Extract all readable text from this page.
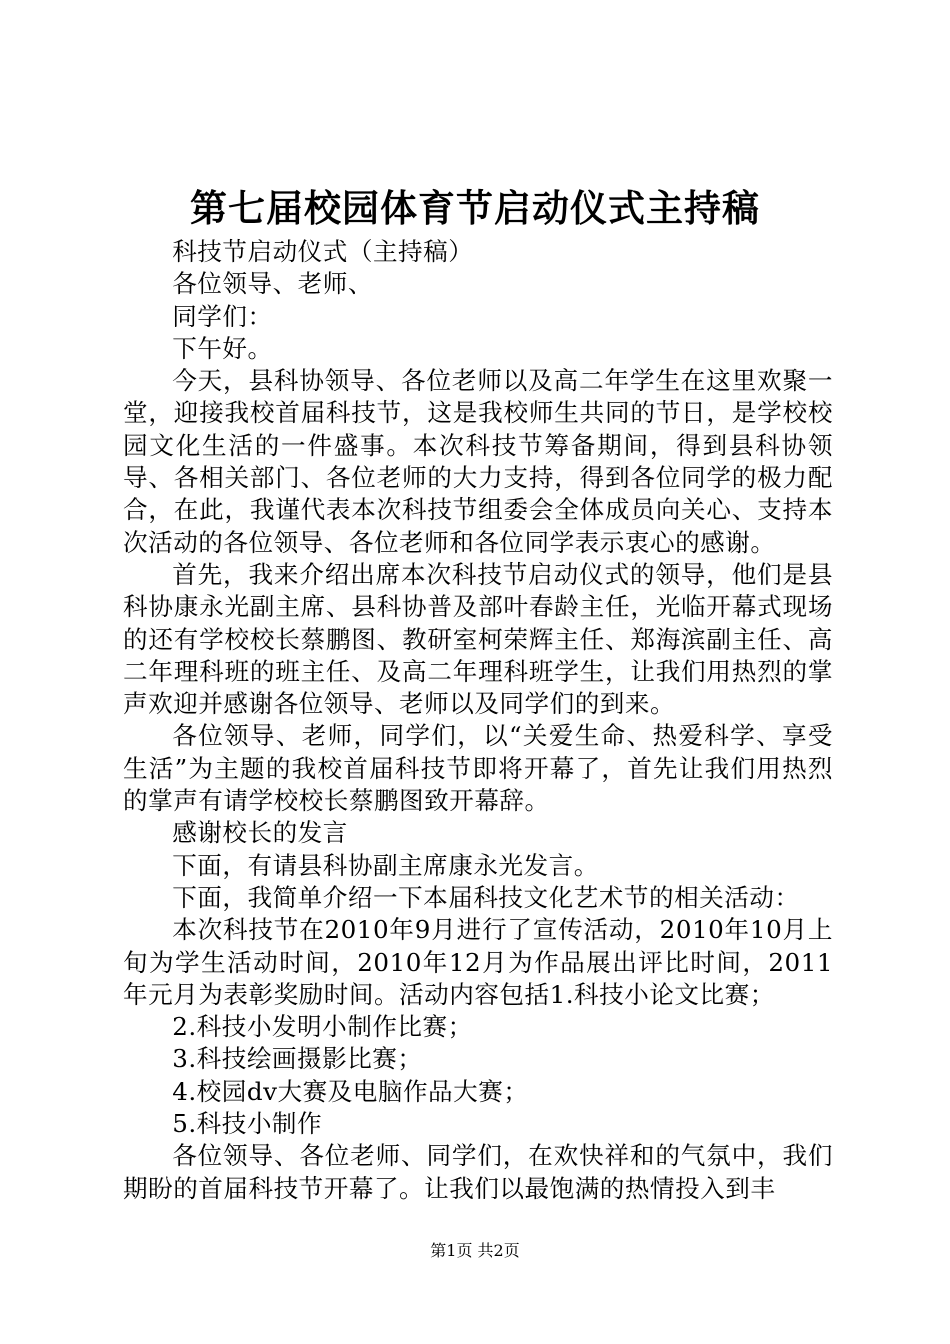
第七届校园体育节启动仪式主持稿

科技节启动仪式（主持稿）

各位领导、老师、

同学们：

下午好。

今天，县科协领导、各位老师以及高二年学生在这里欢聚一堂，迎接我校首届科技节，这是我校师生共同的节日，是学校校园文化生活的一件盛事。本次科技节筹备期间，得到县科协领导、各相关部门、各位老师的大力支持，得到各位同学的极力配合，在此，我谨代表本次科技节组委会全体成员向关心、支持本次活动的各位领导、各位老师和各位同学表示衷心的感谢。

首先，我来介绍出席本次科技节启动仪式的领导，他们是县科协康永光副主席、县科协普及部叶春龄主任，光临开幕式现场的还有学校校长蔡鹏图、教研室柯荣辉主任、郑海滨副主任、高二年理科班的班主任、及高二年理科班学生，让我们用热烈的掌声欢迎并感谢各位领导、老师以及同学们的到来。

各位领导、老师，同学们，以“关爱生命、热爱科学、享受生活”为主题的我校首届科技节即将开幕了，首先让我们用热烈的掌声有请学校校长蔡鹏图致开幕辞。

感谢校长的发言

下面，有请县科协副主席康永光发言。

下面，我简单介绍一下本届科技文化艺术节的相关活动：

本次科技节在2010年9月进行了宣传活动，2010年10月上旬为学生活动时间，2010年12月为作品展出评比时间，2011年元月为表彰奖励时间。活动内容包括1.科技小论文比赛；

2.科技小发明小制作比赛；

3.科技绘画摄影比赛；

4.校园dv大赛及电脑作品大赛；

5.科技小制作

各位领导、各位老师、同学们，在欢快祥和的气氛中，我们期盼的首届科技节开幕了。让我们以最饱满的热情投入到丰

第1页 共2页
